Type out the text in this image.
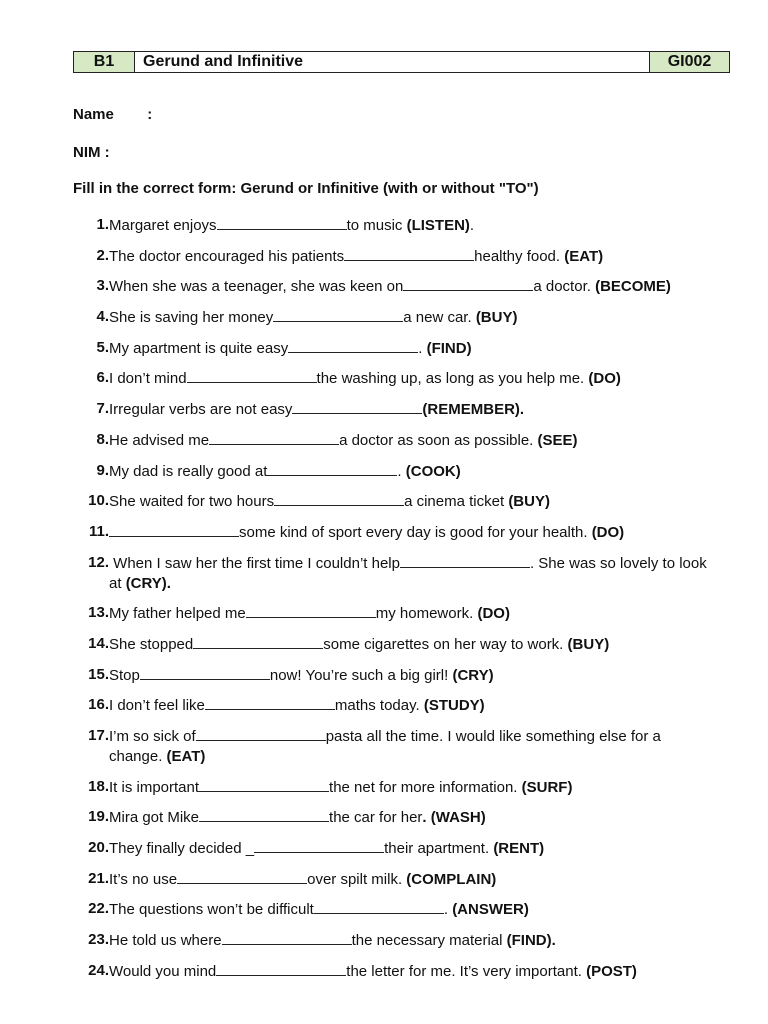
B1	Gerund and Infinitive	GI002
Name        :
NIM :
Fill in the correct form: Gerund or Infinitive (with or without "TO")
1. Margaret enjoys	to music (LISTEN).
2. The doctor encouraged his patients	healthy food. (EAT)
3. When she was a teenager, she was keen on	a doctor. (BECOME)
4. She is saving her money	a new car. (BUY)
5. My apartment is quite easy	. (FIND)
6. I don’t mind	the washing up, as long as you help me. (DO)
7. Irregular verbs are not easy	(REMEMBER).
8. He advised me	a doctor as soon as possible. (SEE)
9. My dad is really good at	. (COOK)
10. She waited for two hours	a cinema ticket (BUY)
11.	some kind of sport every day is good for your health. (DO)
12. When I saw her the first time I couldn’t help	. She was so lovely to look at (CRY).
13. My father helped me	my homework. (DO)
14. She stopped	some cigarettes on her way to work. (BUY)
15. Stop	now! You’re such a big girl! (CRY)
16. I don’t feel like	maths today. (STUDY)
17. I’m so sick of	pasta all the time. I would like something else for a change. (EAT)
18. It is important	the net for more information. (SURF)
19. Mira got Mike	the car for her. (WASH)
20. They finally decided _	their apartment. (RENT)
21. It’s no use	over spilt milk. (COMPLAIN)
22. The questions won’t be difficult	. (ANSWER)
23. He told us where	the necessary material (FIND).
24. Would you mind	the letter for me. It’s very important. (POST)
